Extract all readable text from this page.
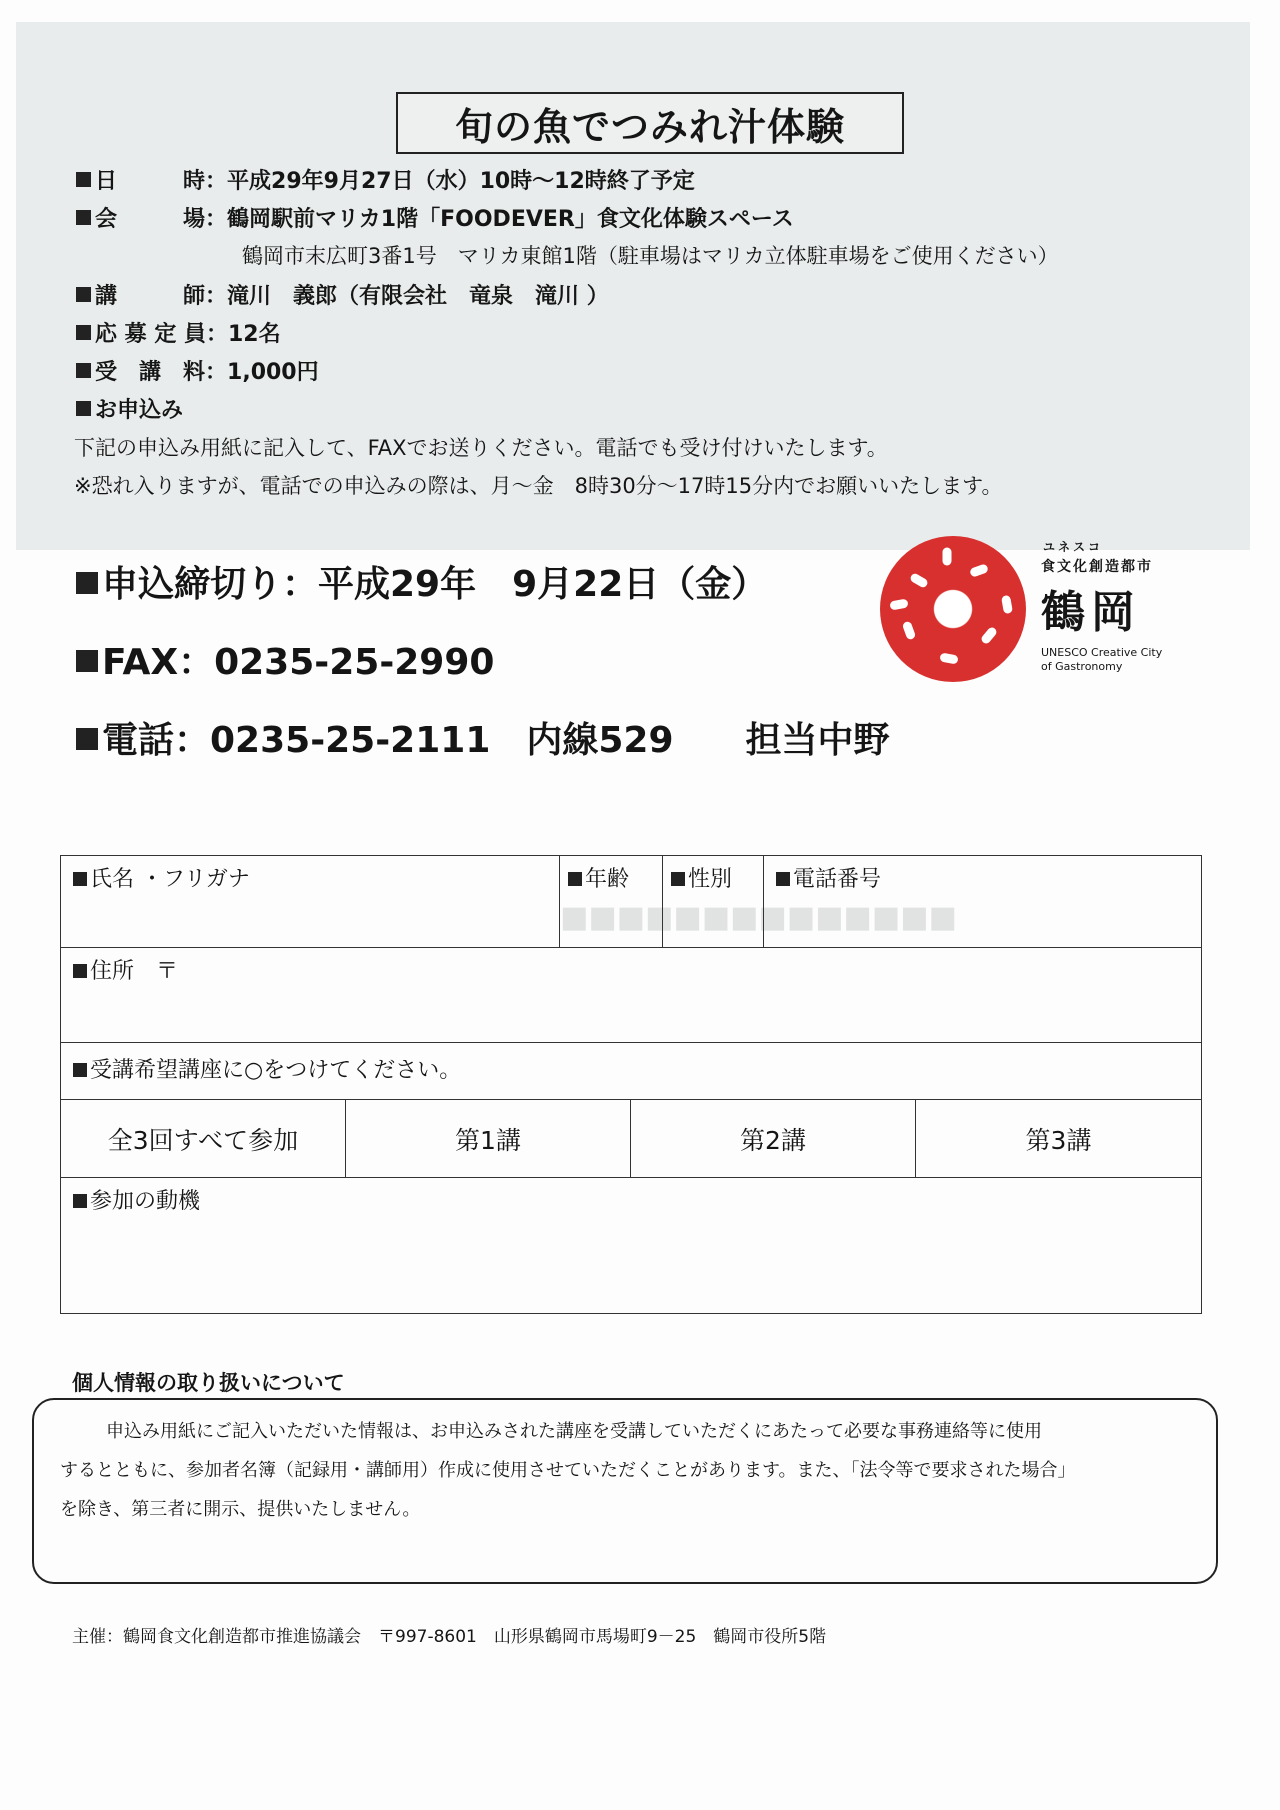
■■■■■■■■■■■■■■
旬の魚でつみれ汁体験
日　　　時：平成29年9月27日（水）10時～12時終了予定
会　　　場：鶴岡駅前マリカ1階「FOODEVER」食文化体験スペース
鶴岡市末広町3番1号　マリカ東館1階（駐車場はマリカ立体駐車場をご使用ください）
講　　　師：滝川　義郎（有限会社　竜泉　滝川 ）
応 募 定 員：12名
受　講　料：1,000円
お申込み
下記の申込み用紙に記入して、FAXでお送りください。電話でも受け付けいたします。
※恐れ入りますが、電話での申込みの際は、月～金　8時30分～17時15分内でお願いいたします。
申込締切り：平成29年　9月22日（金）
FAX：0235-25-2990
電話：0235-25-2111　内線529　　担当中野
ユネスコ
食文化創造都市
鶴岡
UNESCO Creative City
of Gastronomy
氏名 ・フリガナ	年齢	性別	電話番号
住所　〒
受講希望講座に○をつけてください。
全3回すべて参加	第1講	第2講	第3講
参加の動機
個人情報の取り扱いについて
申込み用紙にご記入いただいた情報は、お申込みされた講座を受講していただくにあたって必要な事務連絡等に使用
するとともに、参加者名簿（記録用・講師用）作成に使用させていただくことがあります。また、「法令等で要求された場合」
を除き、第三者に開示、提供いたしません。
主催：鶴岡食文化創造都市推進協議会　〒997-8601　山形県鶴岡市馬場町9－25　鶴岡市役所5階
